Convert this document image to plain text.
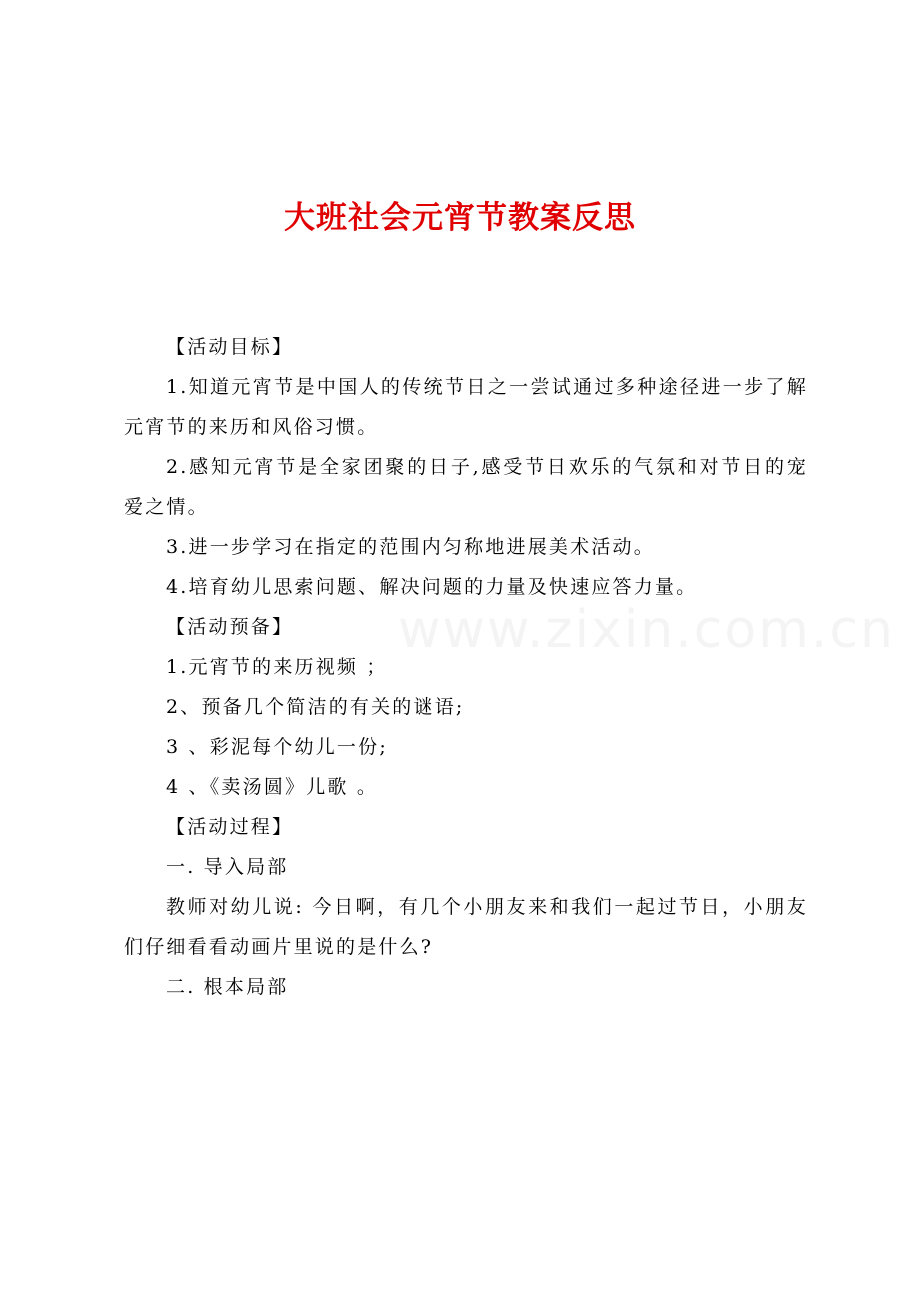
www.zixin.com.cn
大班社会元宵节教案反思

【活动目标】

1.知道元宵节是中国人的传统节日之一尝试通过多种途径进一步了解元宵节的来历和风俗习惯。

2.感知元宵节是全家团聚的日子,感受节日欢乐的气氛和对节日的宠爱之情。

3.进一步学习在指定的范围内匀称地进展美术活动。

4.培育幼儿思索问题、解决问题的力量及快速应答力量。

【活动预备】

1.元宵节的来历视频 ；

2、预备几个简洁的有关的谜语;

3 、彩泥每个幼儿一份;

4 、《卖汤圆》儿歌 。

【活动过程】

一. 导入局部

教师对幼儿说: 今日啊，有几个小朋友来和我们一起过节日，小朋友们仔细看看动画片里说的是什么?

二. 根本局部
